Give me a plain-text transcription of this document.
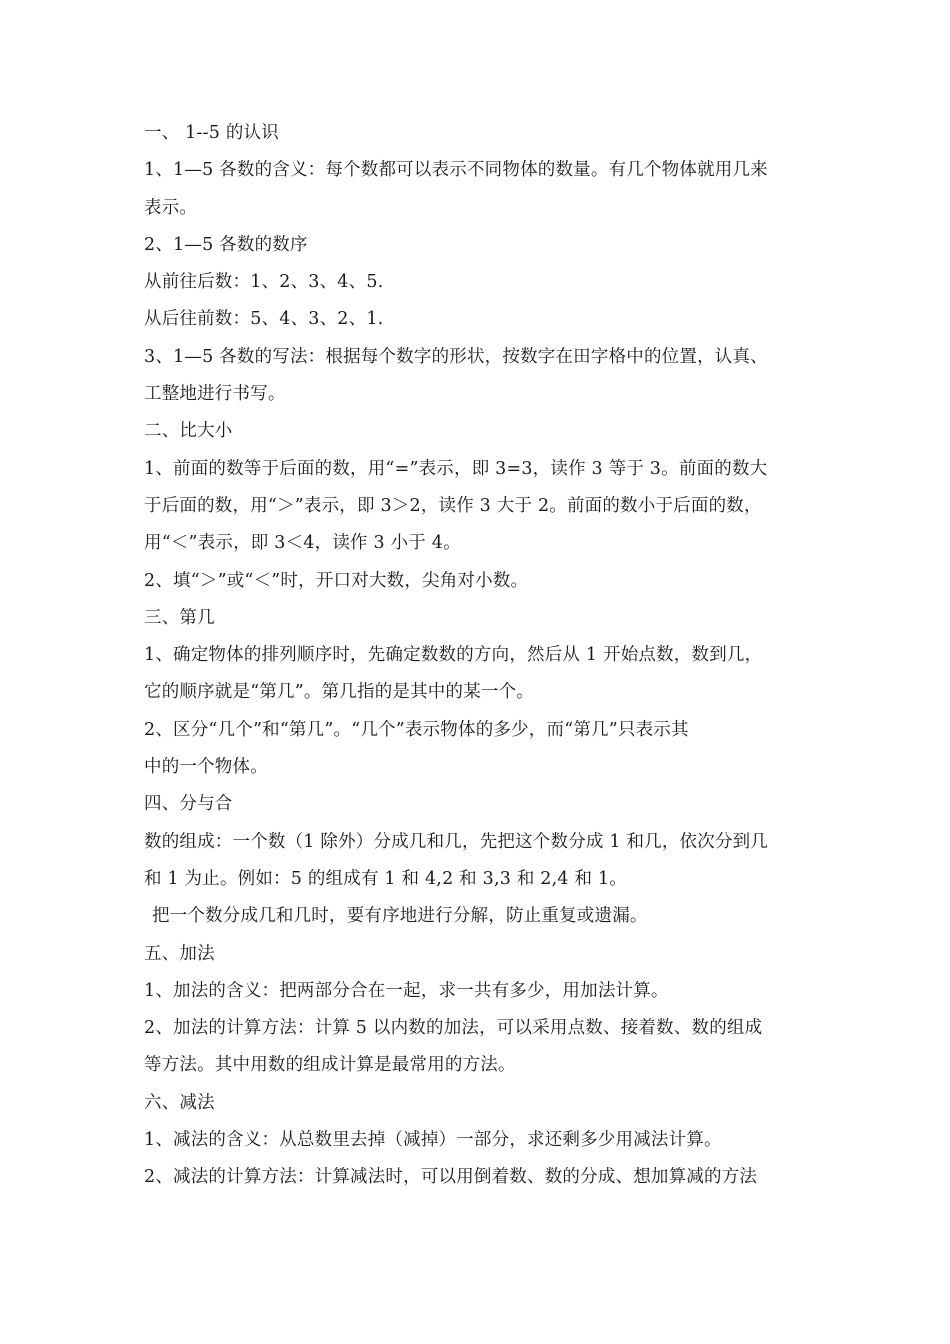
一、 1--5 的认识
1、1—5 各数的含义：每个数都可以表示不同物体的数量。有几个物体就用几来
表示。
2、1—5 各数的数序
从前往后数：1、2、3、4、5.
从后往前数：5、4、3、2、1.
3、1—5 各数的写法：根据每个数字的形状，按数字在田字格中的位置，认真、
工整地进行书写。
二、比大小
1、前面的数等于后面的数，用“=”表示，即 3=3，读作 3 等于 3。前面的数大
于后面的数，用“＞”表示，即 3＞2，读作 3 大于 2。前面的数小于后面的数，
用“＜”表示，即 3＜4，读作 3 小于 4。
2、填“＞”或“＜”时，开口对大数，尖角对小数。
三、第几
1、确定物体的排列顺序时，先确定数数的方向，然后从 1 开始点数，数到几，
它的顺序就是“第几”。第几指的是其中的某一个。
2、区分“几个”和“第几”。“几个”表示物体的多少，而“第几”只表示其
中的一个物体。
四、分与合
数的组成：一个数（1 除外）分成几和几，先把这个数分成 1 和几，依次分到几
和 1 为止。例如：5 的组成有 1 和 4,2 和 3,3 和 2,4 和 1。
把一个数分成几和几时，要有序地进行分解，防止重复或遗漏。
五、加法
1、加法的含义：把两部分合在一起，求一共有多少，用加法计算。
2、加法的计算方法：计算 5 以内数的加法，可以采用点数、接着数、数的组成
等方法。其中用数的组成计算是最常用的方法。
六、减法
1、减法的含义：从总数里去掉（减掉）一部分，求还剩多少用减法计算。
2、减法的计算方法：计算减法时，可以用倒着数、数的分成、想加算减的方法
